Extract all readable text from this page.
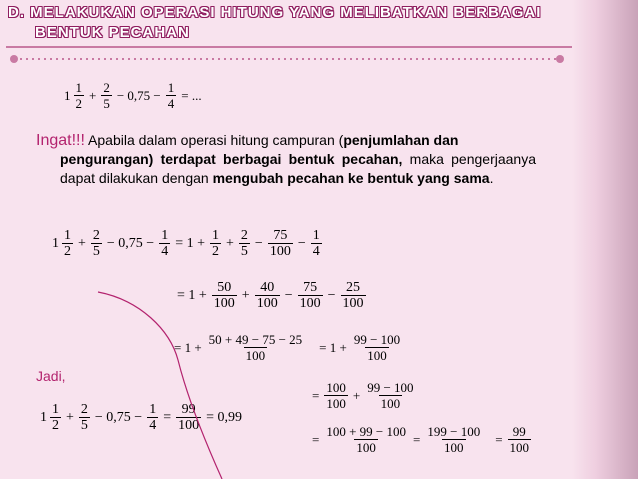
D. MELAKUKAN OPERASI HITUNG YANG MELIBATKAN BERBAGAI
BENTUK PECAHAN
$1 \frac{1}{2} + \frac{2}{5} - 0,75 - \frac{1}{4}$ = ...
Ingat!!! Apabila dalam operasi hitung campuran (penjumlahan dan
pengurangan) terdapat berbagai bentuk pecahan, maka pengerjaanya dapat dilakukan dengan mengubah pecahan ke bentuk yang sama.
$1 \frac{1}{2} + \frac{2}{5} - 0,75 - \frac{1}{4} = 1 + \frac{1}{2} + \frac{2}{5} - \frac{75}{100} - \frac{1}{4}$
= $1 + \frac{50}{100} + \frac{40}{100} - \frac{75}{100} - \frac{25}{100}$
= $1 + \frac{50 + 49 - 75 - 25}{100}$	= $1 + \frac{99 - 100}{100}$
Jadi,
= $\frac{100}{100} + \frac{99 - 100}{100}$
$1 \frac{1}{2} + \frac{2}{5} - 0,75 - \frac{1}{4} = \frac{99}{100} = 0,99$
= $\frac{100 + 99 - 100}{100} = \frac{199 - 100}{100}$	= $\frac{99}{100}$
